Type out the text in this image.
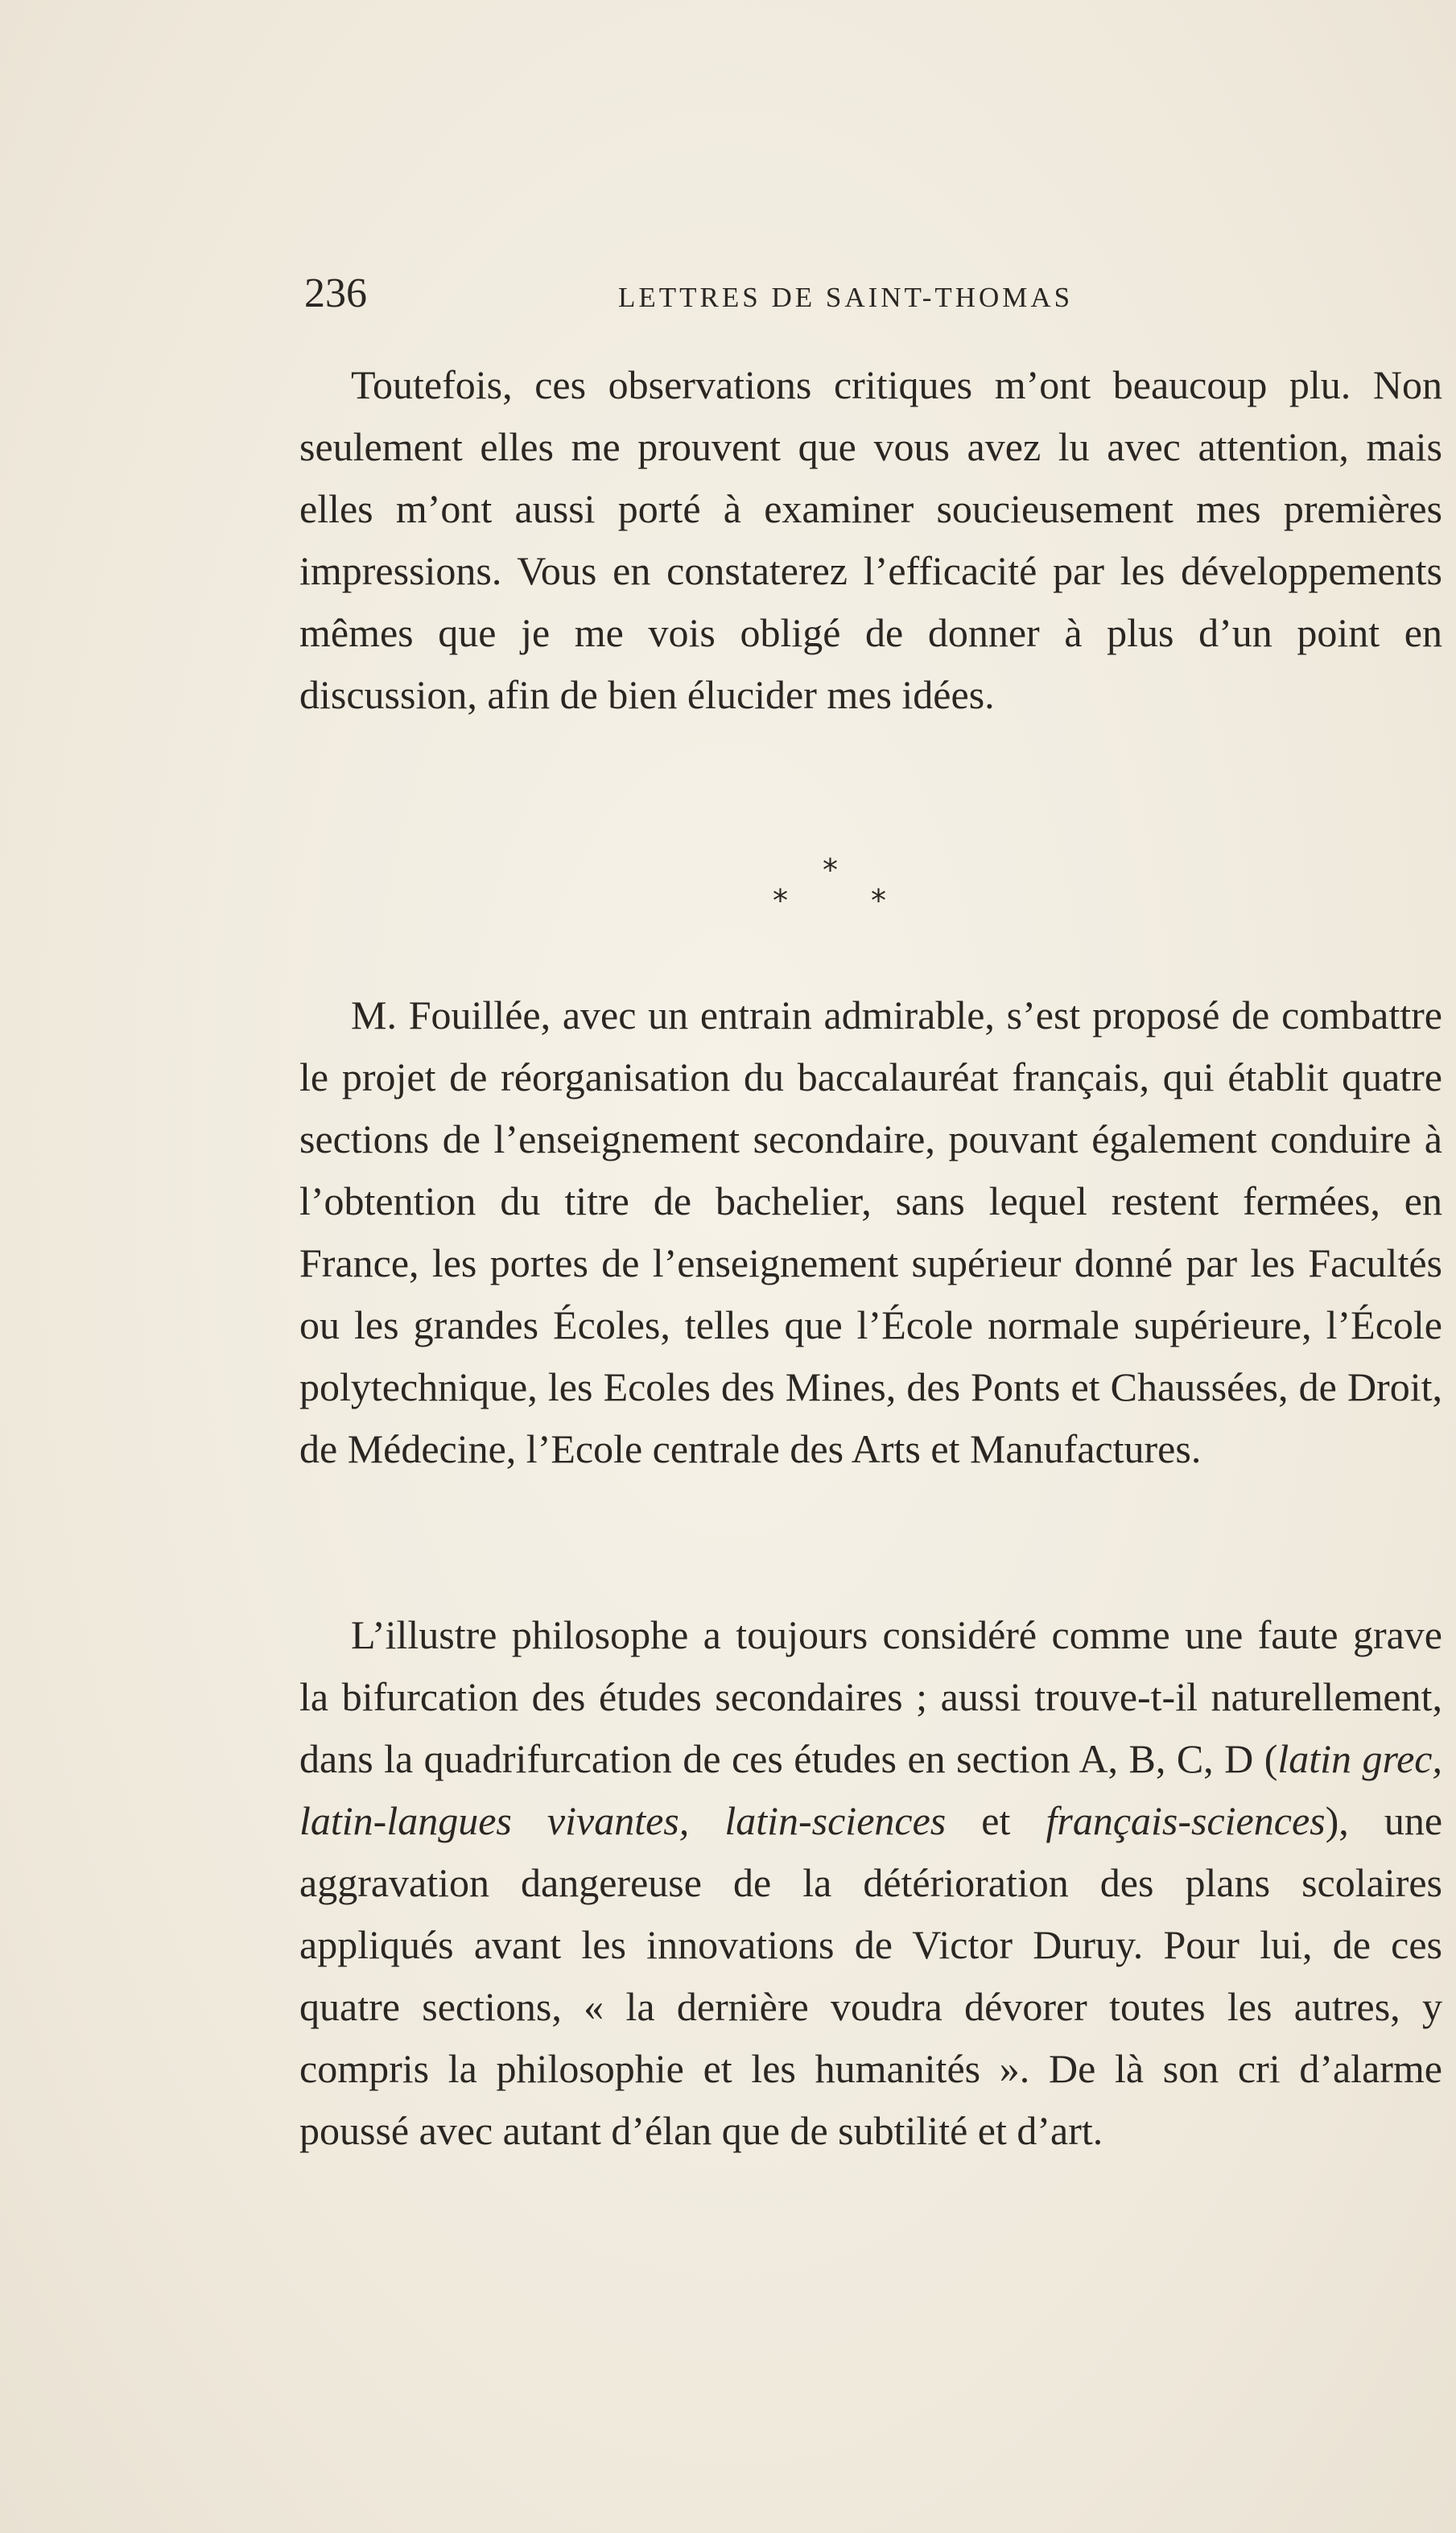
236	LETTRES DE SAINT-THOMAS

Toutefois, ces observations critiques m’ont beaucoup plu. Non seulement elles me prouvent que vous avez lu avec attention, mais elles m’ont aussi porté à examiner soucieusement mes premières impressions. Vous en constaterez l’efficacité par les développements mêmes que je me vois obligé de donner à plus d’un point en discussion, afin de bien élucider mes idées.

*
*	*

M. Fouillée, avec un entrain admirable, s’est proposé de combattre le projet de réorganisation du baccalauréat français, qui établit quatre sections de l’enseignement secondaire, pouvant également conduire à l’obtention du titre de bachelier, sans lequel restent fermées, en France, les portes de l’enseignement supérieur donné par les Facultés ou les grandes Écoles, telles que l’École normale supérieure, l’École polytechnique, les Ecoles des Mines, des Ponts et Chaussées, de Droit, de Médecine, l’Ecole centrale des Arts et Manufactures.

L’illustre philosophe a toujours considéré comme une faute grave la bifurcation des études secondaires ; aussi trouve-t-il naturellement, dans la quadrifurcation de ces études en section A, B, C, D (latin grec, latin-langues vivantes, latin-sciences et français-sciences), une aggravation dangereuse de la détérioration des plans scolaires appliqués avant les innovations de Victor Duruy. Pour lui, de ces quatre sections, « la dernière voudra dévorer toutes les autres, y compris la philosophie et les humanités ». De là son cri d’alarme poussé avec autant d’élan que de subtilité et d’art.
